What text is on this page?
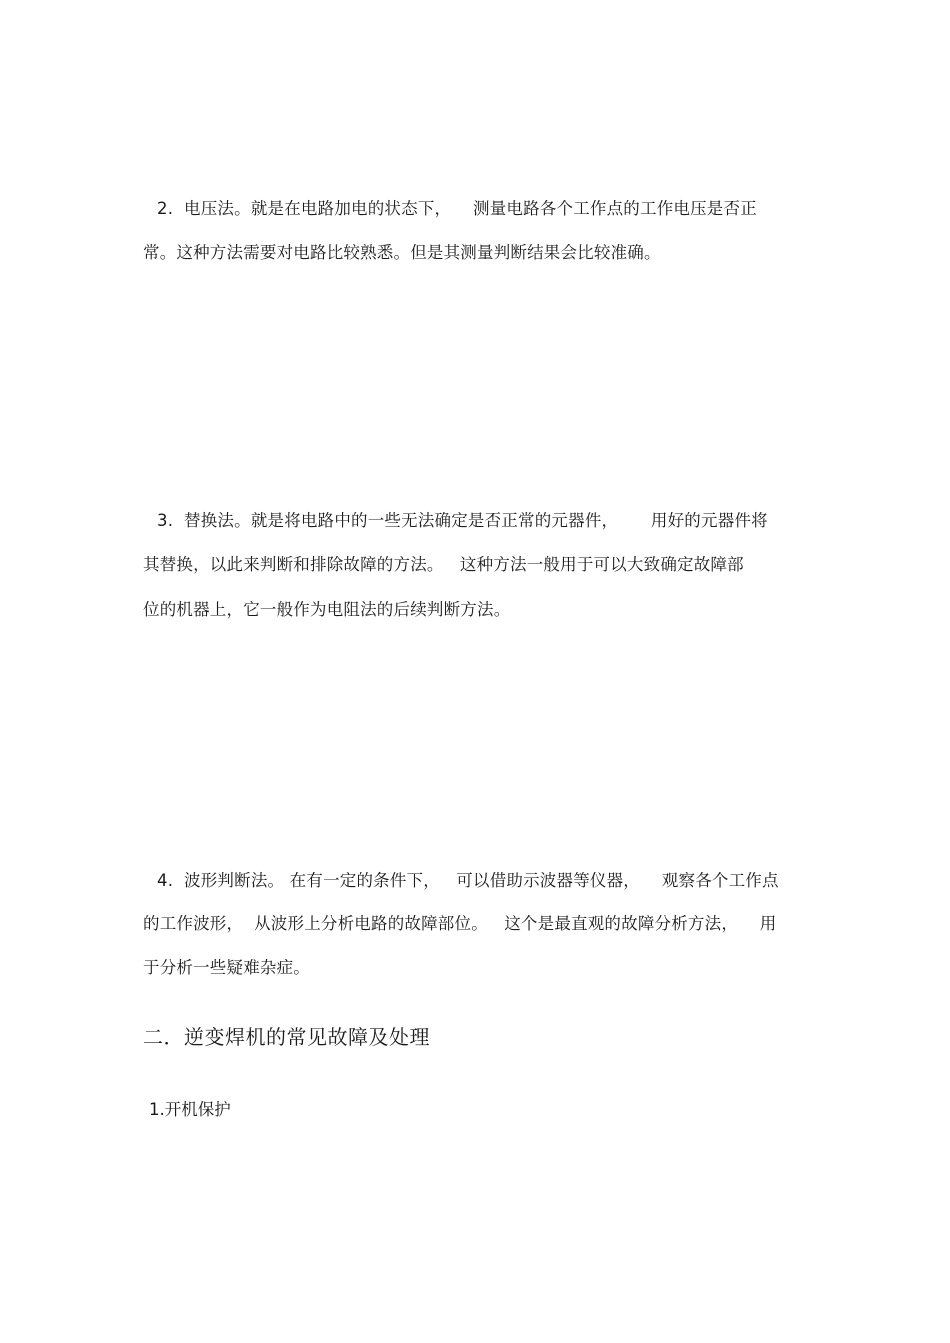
2.  电压法。就是在电路加电的状态下，    测量电路各个工作点的工作电压是否正
常。这种方法需要对电路比较熟悉。但是其测量判断结果会比较准确。
3.  替换法。就是将电路中的一些无法确定是否正常的元器件，      用好的元器件将
其替换，以此来判断和排除故障的方法。   这种方法一般用于可以大致确定故障部
位的机器上，它一般作为电阻法的后续判断方法。
4.  波形判断法。 在有一定的条件下，   可以借助示波器等仪器，    观察各个工作点
的工作波形，  从波形上分析电路的故障部位。   这个是最直观的故障分析方法，    用
于分析一些疑难杂症。
二．逆变焊机的常见故障及处理
1.开机保护
